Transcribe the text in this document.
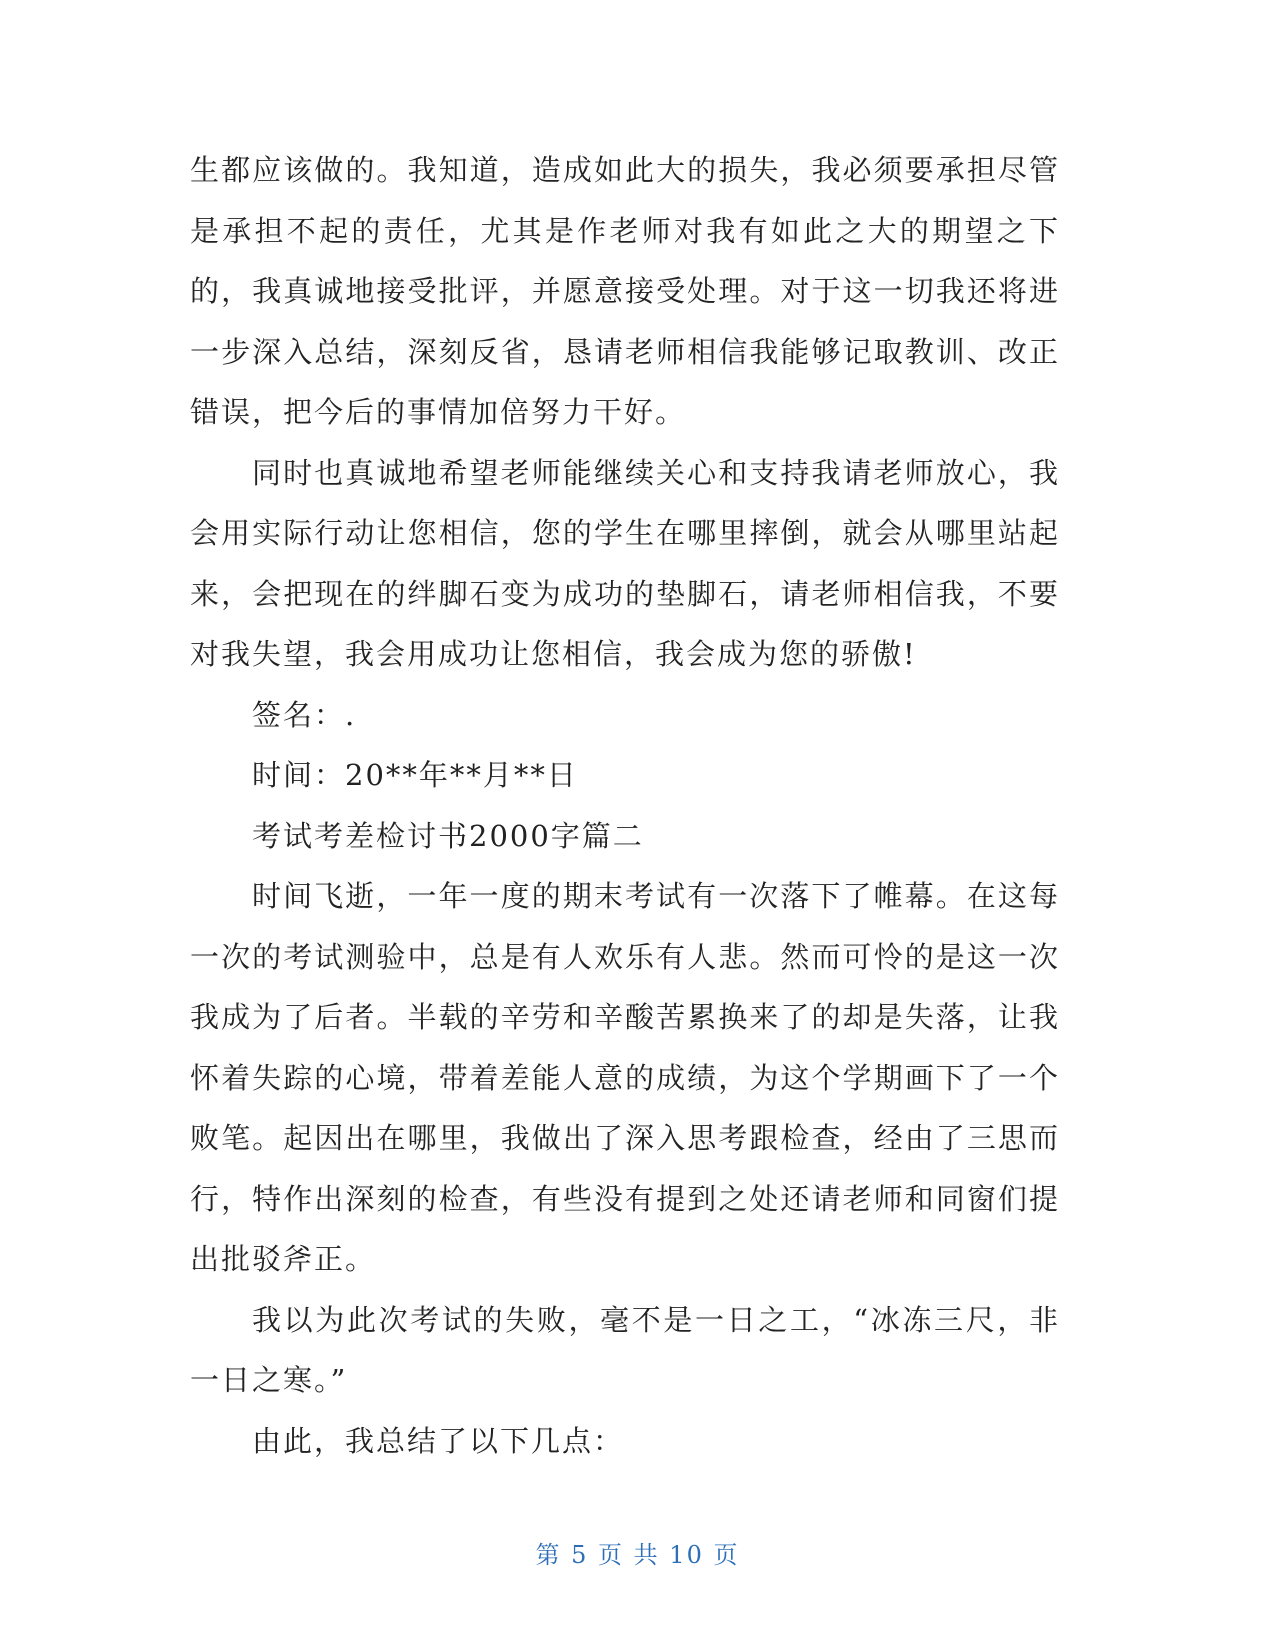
生都应该做的。我知道，造成如此大的损失，我必须要承担尽管是承担不起的责任，尤其是作老师对我有如此之大的期望之下的，我真诚地接受批评，并愿意接受处理。对于这一切我还将进一步深入总结，深刻反省，恳请老师相信我能够记取教训、改正错误，把今后的事情加倍努力干好。

同时也真诚地希望老师能继续关心和支持我请老师放心，我会用实际行动让您相信，您的学生在哪里摔倒，就会从哪里站起来，会把现在的绊脚石变为成功的垫脚石，请老师相信我，不要对我失望，我会用成功让您相信，我会成为您的骄傲!

签名：.

时间：20**年**月**日

考试考差检讨书2000字篇二

时间飞逝，一年一度的期末考试有一次落下了帷幕。在这每一次的考试测验中，总是有人欢乐有人悲。然而可怜的是这一次我成为了后者。半载的辛劳和辛酸苦累换来了的却是失落，让我怀着失踪的心境，带着差能人意的成绩，为这个学期画下了一个败笔。起因出在哪里，我做出了深入思考跟检查，经由了三思而行，特作出深刻的检查，有些没有提到之处还请老师和同窗们提出批驳斧正。

我以为此次考试的失败，毫不是一日之工，“冰冻三尺，非一日之寒。”

由此，我总结了以下几点：

第 5 页 共 10 页
